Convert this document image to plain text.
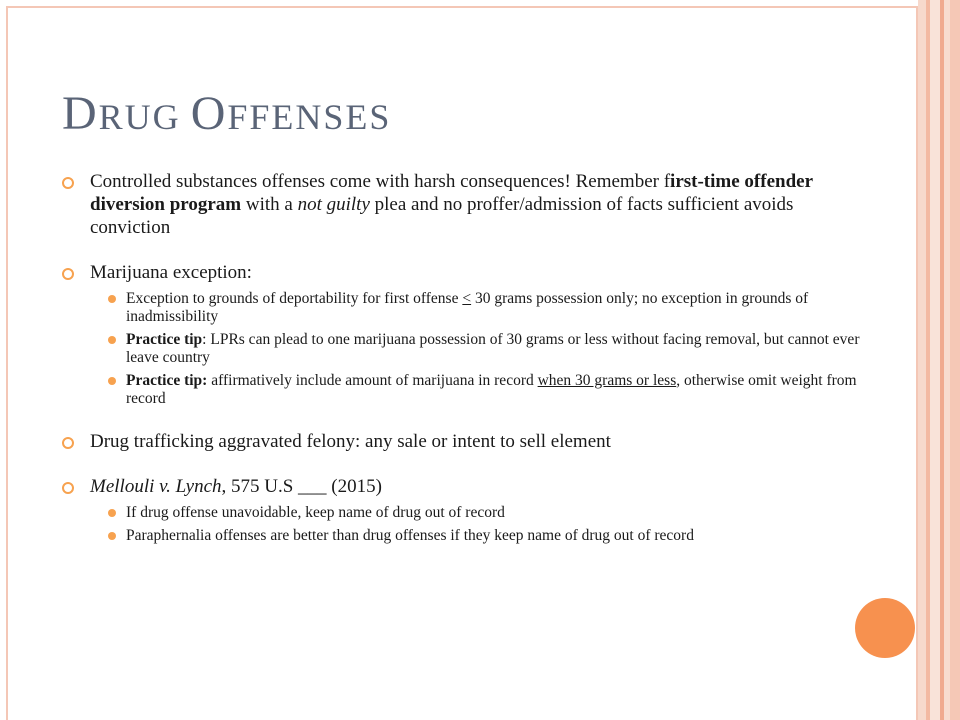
DRUG OFFENSES
Controlled substances offenses come with harsh consequences! Remember first-time offender diversion program with a not guilty plea and no proffer/admission of facts sufficient avoids conviction
Marijuana exception:
Exception to grounds of deportability for first offense < 30 grams possession only; no exception in grounds of inadmissibility
Practice tip: LPRs can plead to one marijuana possession of 30 grams or less without facing removal, but cannot ever leave country
Practice tip: affirmatively include amount of marijuana in record when 30 grams or less, otherwise omit weight from record
Drug trafficking aggravated felony: any sale or intent to sell element
Mellouli v. Lynch, 575 U.S ___ (2015)
If drug offense unavoidable, keep name of drug out of record
Paraphernalia offenses are better than drug offenses if they keep name of drug out of record
